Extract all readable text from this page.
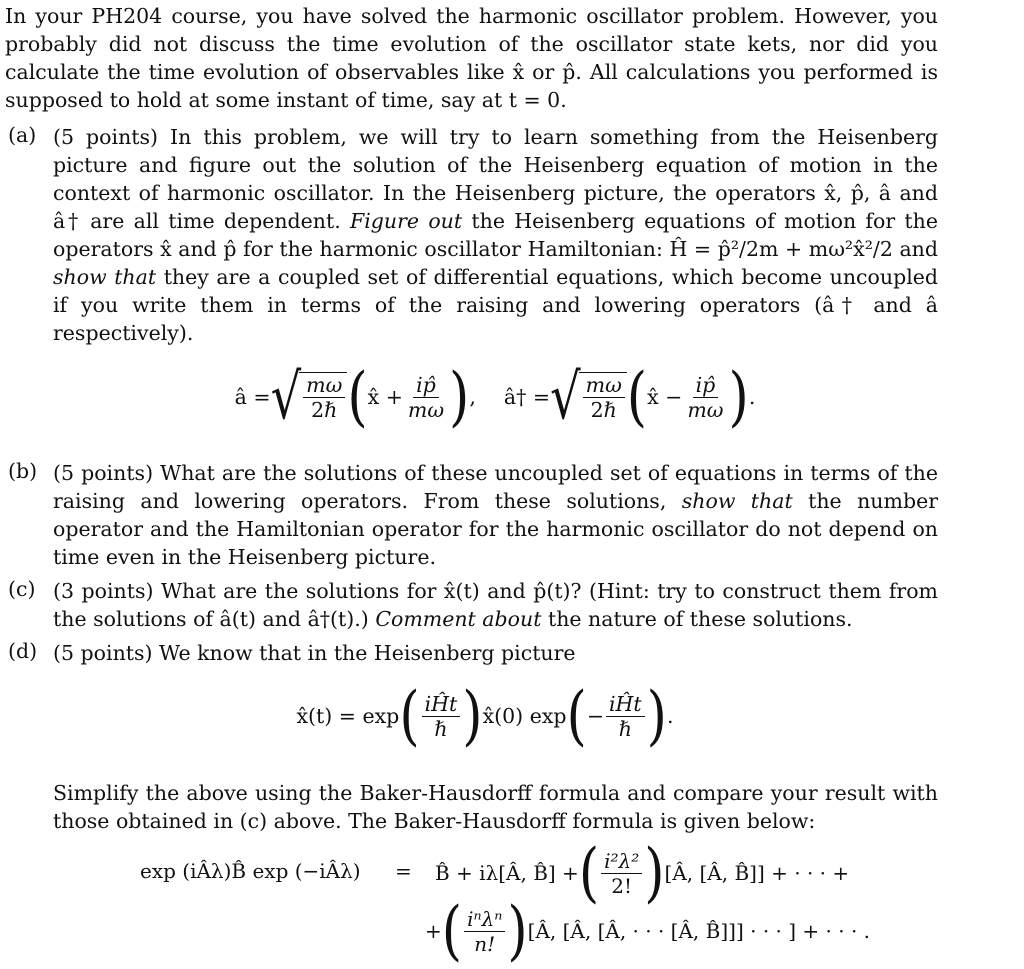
In your PH204 course, you have solved the harmonic oscillator problem. However, you probably did not discuss the time evolution of the oscillator state kets, nor did you calculate the time evolution of observables like x̂ or p̂. All calculations you performed is supposed to hold at some instant of time, say at t = 0.

(a) (5 points) In this problem, we will try to learn something from the Heisenberg picture and figure out the solution of the Heisenberg equation of motion in the context of harmonic oscillator. In the Heisenberg picture, the operators x̂, p̂, â and â† are all time dependent. Figure out the Heisenberg equations of motion for the operators x̂ and p̂ for the harmonic oscillator Hamiltonian: Ĥ = p̂²/2m + mω²x̂²/2 and show that they are a coupled set of differential equations, which become uncoupled if you write them in terms of the raising and lowering operators (â† and â respectively).

â = √ $\frac{m\omega}{\text{2ℏ}}$ ( x̂ + $\frac{ip̂}{m\omega}$ ) , â† = √ $\frac{m\omega}{\text{2ℏ}}$ ( x̂ − $\frac{ip̂}{m\omega}$ ) .
(b) (5 points) What are the solutions of these uncoupled set of equations in terms of the raising and lowering operators. From these solutions, show that the number operator and the Hamiltonian operator for the harmonic oscillator do not depend on time even in the Heisenberg picture.

(c) (3 points) What are the solutions for x̂(t) and p̂(t)? (Hint: try to construct them from the solutions of â(t) and â†(t).) Comment about the nature of these solutions.

(d) (5 points) We know that in the Heisenberg picture

x̂(t) = exp ( $\frac{\text{iĤt}}{\text{ℏ}}$ ) x̂(0) exp ( − $\frac{\text{iĤt}}{\text{ℏ}}$ ) .

Simplify the above using the Baker-Hausdorff formula and compare your result with those obtained in (c) above. The Baker-Hausdorff formula is given below:

exp (iÂλ)B̂ exp (−iÂλ) = B̂ + iλ[Â, B̂] + ( $\frac{\text{i²λ²}}{2!}$ ) [Â, [Â, B̂]] + · · · +
+ ( $\frac{\text{iⁿλⁿ}}{n!}$ ) [Â, [Â, [Â, · · · [Â, B̂]]] · · · ] + · · · .
